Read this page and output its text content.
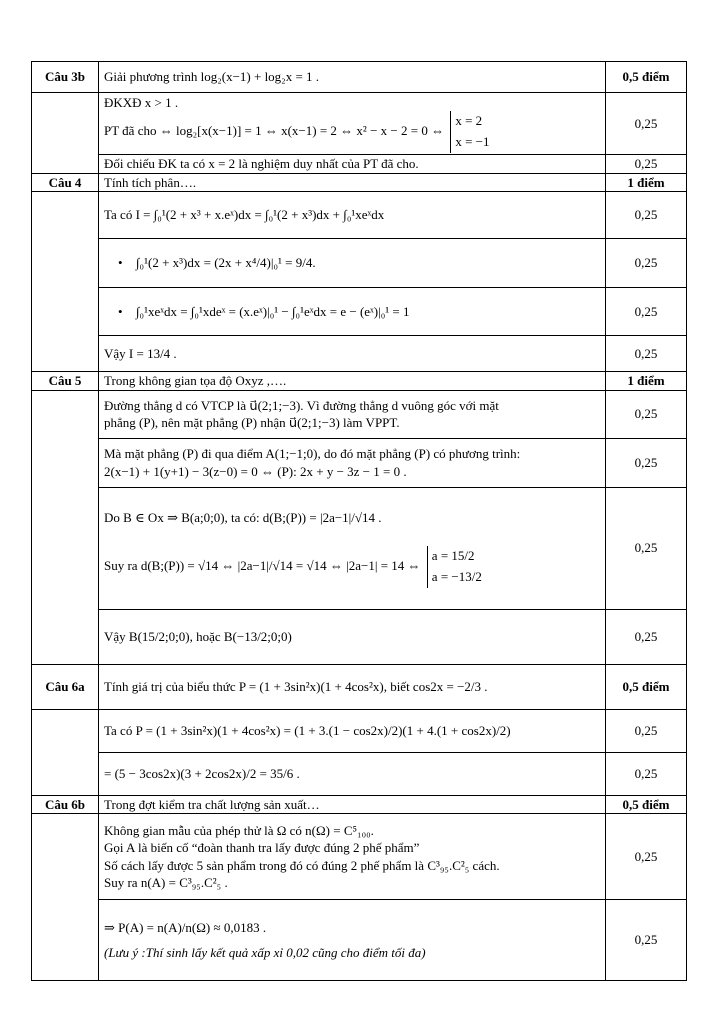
Câu 3b	Giải phương trình log₂(x−1) + log₂x = 1 .	0,5 điểm

	ĐKXĐ x > 1 .
PT đã cho ⇔ log₂[x(x−1)] = 1 ⇔ x(x−1) = 2 ⇔ x² − x − 2 = 0 ⇔
x = 2
x = −1	0,25
	Đối chiếu ĐK ta có x = 2 là nghiệm duy nhất của PT đã cho.	0,25
Câu 4	Tính tích phân….	1 điểm
	Ta có I = ∫₀¹(2 + x³ + x.eˣ)dx = ∫₀¹(2 + x³)dx + ∫₀¹xeˣdx	0,25
	• ∫₀¹(2 + x³)dx = (2x + x⁴/4)|₀¹ = 9/4.	0,25
	• ∫₀¹xeˣdx = ∫₀¹xdeˣ = (x.eˣ)|₀¹ − ∫₀¹eˣdx = e − (eˣ)|₀¹ = 1	0,25
	Vậy I = 13/4 .	0,25
Câu 5	Trong không gian tọa độ Oxyz ,….	1 điểm

	Đường thẳng d có VTCP là u⃗(2;1;−3). Vì đường thẳng d vuông góc với mặt
phẳng (P), nên mặt phẳng (P) nhận u⃗(2;1;−3) làm VPPT.	0,25

	Mà mặt phẳng (P) đi qua điểm A(1;−1;0), do đó mặt phẳng (P) có phương trình:
2(x−1) + 1(y+1) − 3(z−0) = 0 ⇔ (P): 2x + y − 3z − 1 = 0 .	0,25

	Do B ∈ Ox ⇒ B(a;0;0), ta có: d(B;(P)) = |2a−1|/√14 .
Suy ra d(B;(P)) = √14 ⇔ |2a−1|/√14 = √14 ⇔ |2a−1| = 14 ⇔
a = 15/2
a = −13/2	0,25
	Vậy B(15/2;0;0), hoặc B(−13/2;0;0)	0,25
Câu 6a	Tính giá trị của biểu thức P = (1 + 3sin²x)(1 + 4cos²x), biết cos2x = −2/3 .	0,5 điểm
	Ta có P = (1 + 3sin²x)(1 + 4cos²x) = (1 + 3.(1 − cos2x)/2)(1 + 4.(1 + cos2x)/2)	0,25
	= (5 − 3cos2x)(3 + 2cos2x)/2 = 35/6 .	0,25
Câu 6b	Trong đợt kiểm tra chất lượng sản xuất…	0,5 điểm

	Không gian mẫu của phép thử là Ω có n(Ω) = C⁵₁₀₀.
Gọi A là biến cố “đoàn thanh tra lấy được đúng 2 phế phẩm”
Số cách lấy được 5 sản phẩm trong đó có đúng 2 phế phẩm là C³₉₅.C²₅ cách.
Suy ra n(A) = C³₉₅.C²₅ .	0,25

	⇒ P(A) = n(A)/n(Ω) ≈ 0,0183 .
(Lưu ý :Thí sinh lấy kết quả xấp xỉ 0,02 cũng cho điểm tối đa)	0,25
